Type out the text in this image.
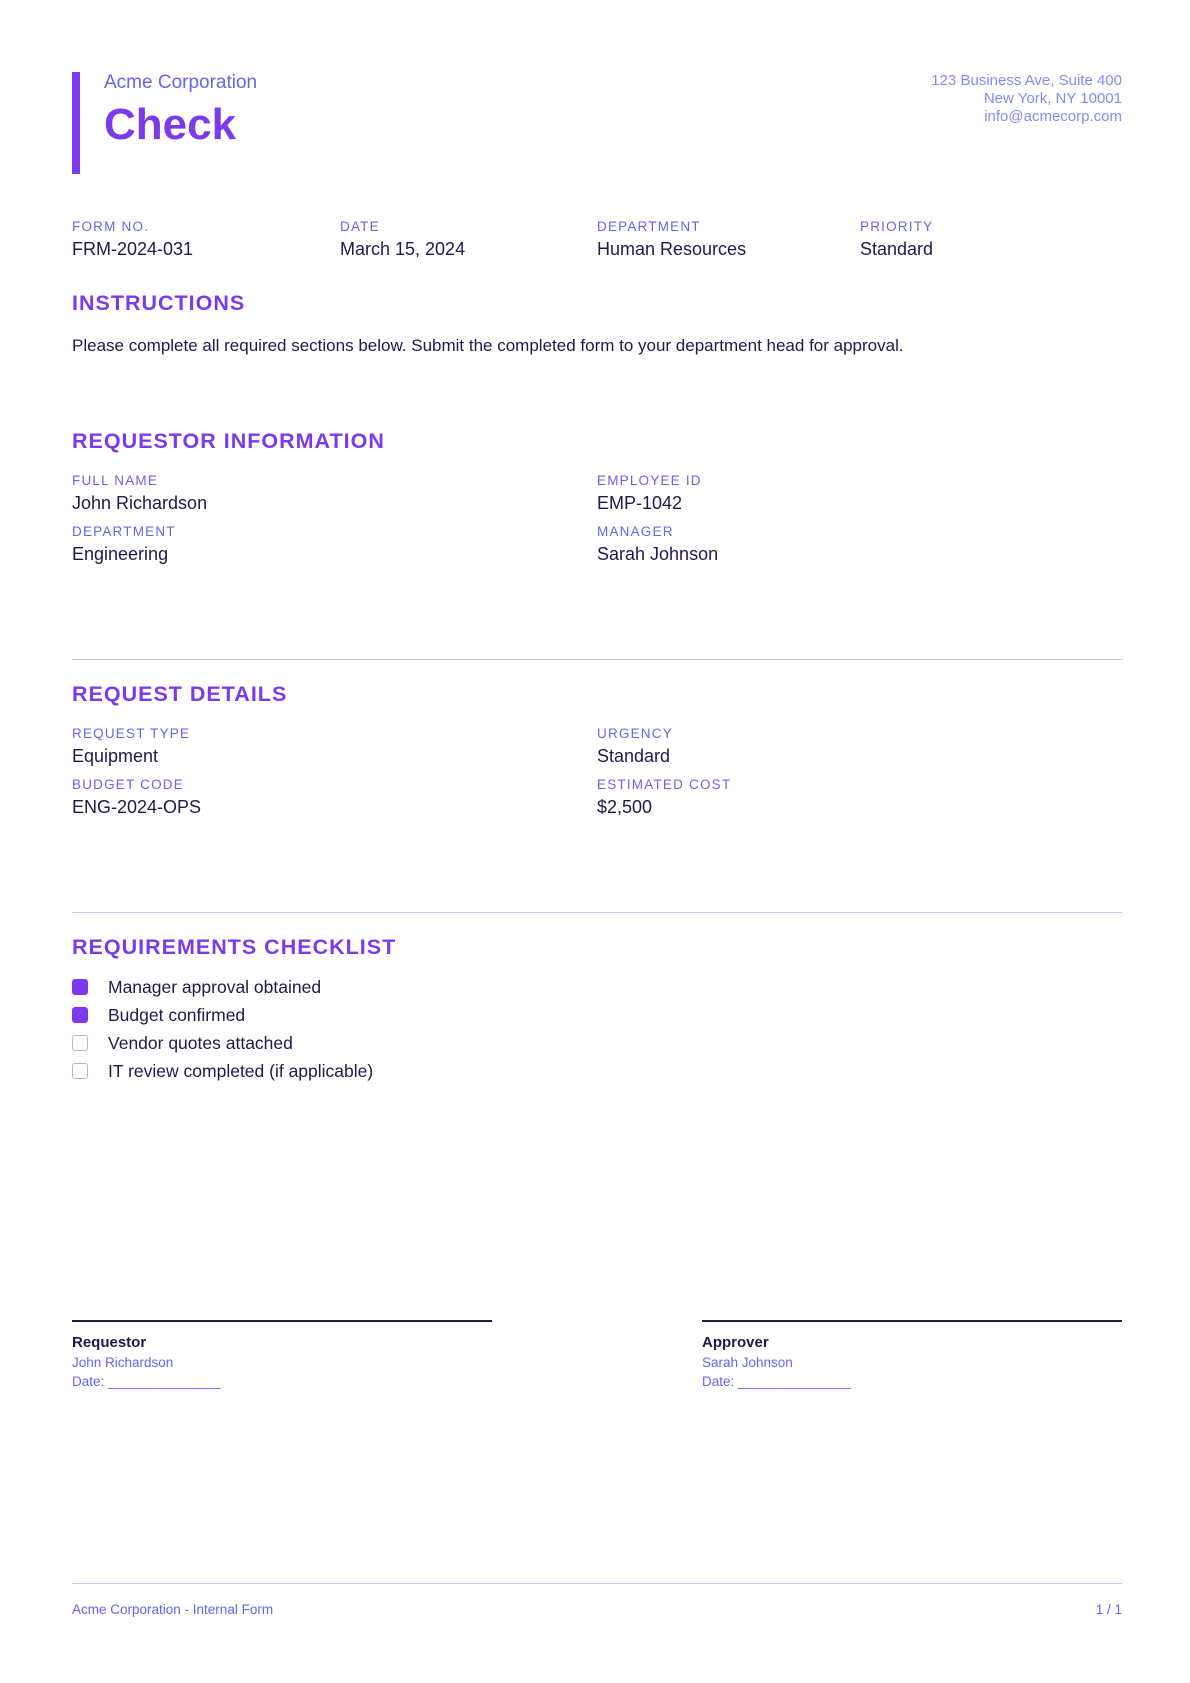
Acme Corporation
Check
123 Business Ave, Suite 400
New York, NY 10001
info@acmecorp.com
FORM NO.
FRM-2024-031
DATE
March 15, 2024
DEPARTMENT
Human Resources
PRIORITY
Standard
INSTRUCTIONS
Please complete all required sections below. Submit the completed form to your department head for approval.
REQUESTOR INFORMATION
FULL NAME
John Richardson
EMPLOYEE ID
EMP-1042
DEPARTMENT
Engineering
MANAGER
Sarah Johnson
REQUEST DETAILS
REQUEST TYPE
Equipment
URGENCY
Standard
BUDGET CODE
ENG-2024-OPS
ESTIMATED COST
$2,500
REQUIREMENTS CHECKLIST
Manager approval obtained
Budget confirmed
Vendor quotes attached
IT review completed (if applicable)
Requestor
John Richardson
Date: _______________
Approver
Sarah Johnson
Date: _______________
Acme Corporation - Internal Form	1 / 1
